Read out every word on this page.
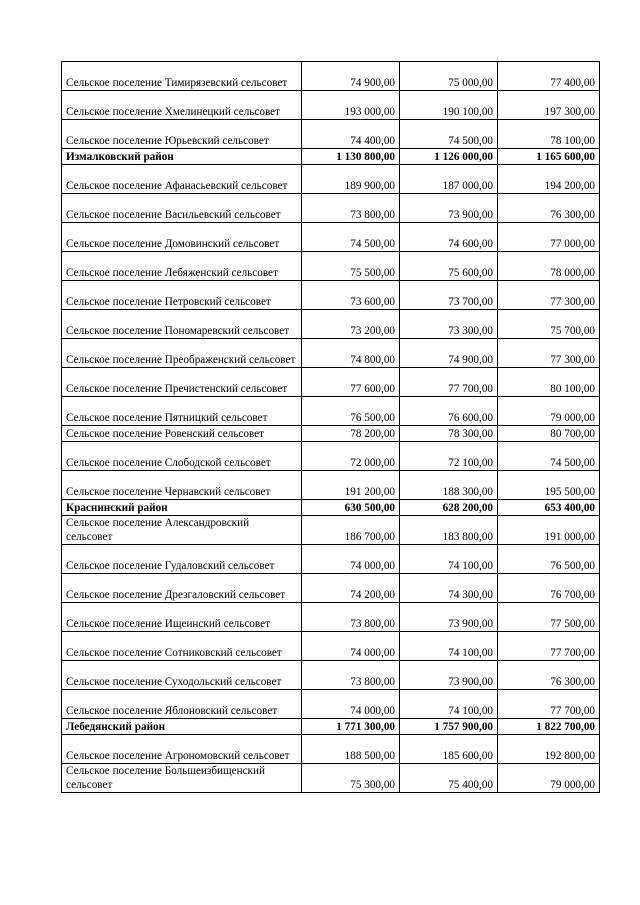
Сельское поселение Тимирязевский сельсовет	74 900,00	75 000,00	77 400,00
Сельское поселение Хмелинецкий сельсовет	193 000,00	190 100,00	197 300,00
Сельское поселение Юрьевский сельсовет	74 400,00	74 500,00	78 100,00
Измалковский район	1 130 800,00	1 126 000,00	1 165 600,00
Сельское поселение Афанасьевский сельсовет	189 900,00	187 000,00	194 200,00
Сельское поселение Васильевский сельсовет	73 800,00	73 900,00	76 300,00
Сельское поселение Домовинский сельсовет	74 500,00	74 600,00	77 000,00
Сельское поселение Лебяженский сельсовет	75 500,00	75 600,00	78 000,00
Сельское поселение Петровский сельсовет	73 600,00	73 700,00	77 300,00
Сельское поселение Пономаревский сельсовет	73 200,00	73 300,00	75 700,00
Сельское поселение Преображенский сельсовет	74 800,00	74 900,00	77 300,00
Сельское поселение Пречистенский сельсовет	77 600,00	77 700,00	80 100,00
Сельское поселение Пятницкий сельсовет	76 500,00	76 600,00	79 000,00
Сельское поселение Ровенский сельсовет	78 200,00	78 300,00	80 700,00
Сельское поселение Слободской сельсовет	72 000,00	72 100,00	74 500,00
Сельское поселение Чернавский сельсовет	191 200,00	188 300,00	195 500,00
Краснинский район	630 500,00	628 200,00	653 400,00
Сельское поселение Александровский сельсовет	186 700,00	183 800,00	191 000,00
Сельское поселение Гудаловский сельсовет	74 000,00	74 100,00	76 500,00
Сельское поселение Дрезгаловский сельсовет	74 200,00	74 300,00	76 700,00
Сельское поселение Ищеинский сельсовет	73 800,00	73 900,00	77 500,00
Сельское поселение Сотниковский сельсовет	74 000,00	74 100,00	77 700,00
Сельское поселение Суходольский сельсовет	73 800,00	73 900,00	76 300,00
Сельское поселение Яблоновский сельсовет	74 000,00	74 100,00	77 700,00
Лебедянский район	1 771 300,00	1 757 900,00	1 822 700,00
Сельское поселение Агрономовский сельсовет	188 500,00	185 600,00	192 800,00
Сельское поселение Большеизбищенский сельсовет	75 300,00	75 400,00	79 000,00
